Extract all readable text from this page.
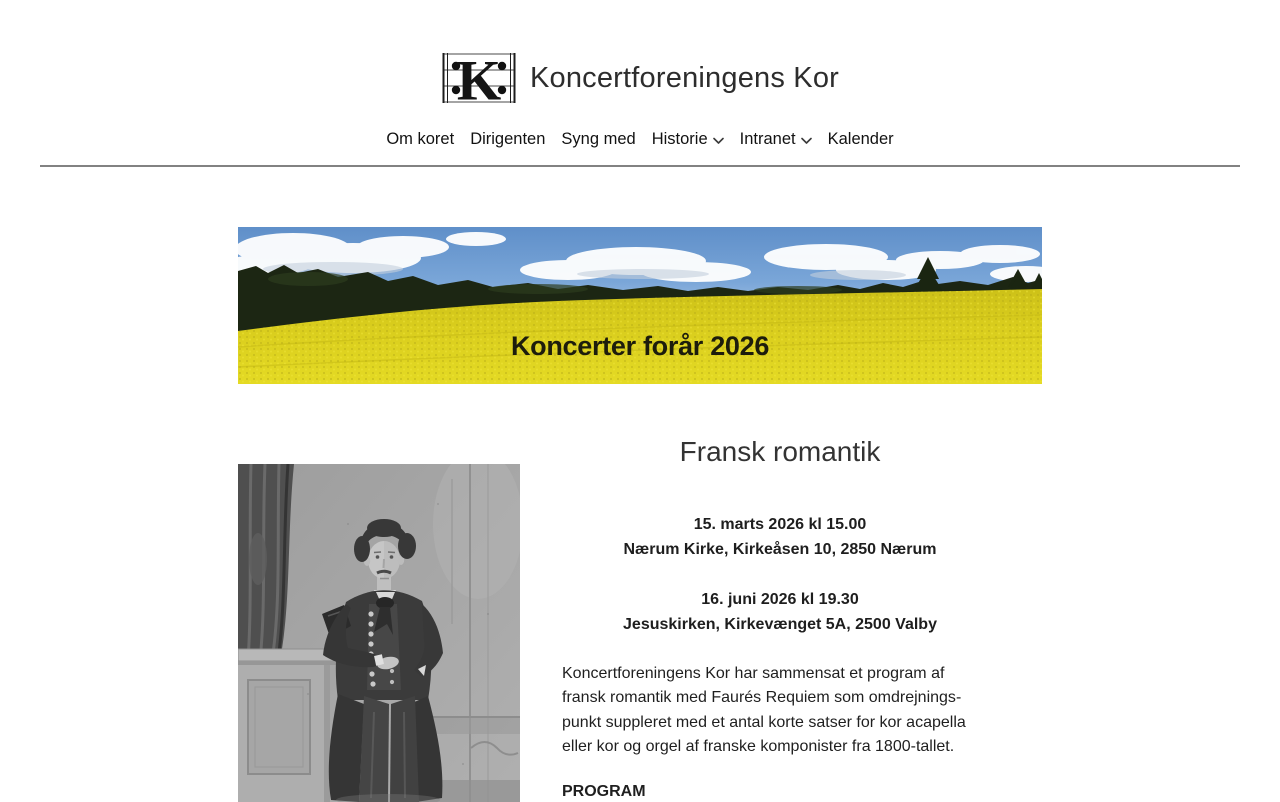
K Koncertforeningens Kor
Om koret Dirigenten Syng med Historie Intranet Kalender
Koncerter forår 2026
Fransk romantik

15. marts 2026 kl 15.00
Nærum Kirke, Kirkeåsen 10, 2850 Nærum

16. juni 2026 kl 19.30
Jesuskirken, Kirkevænget 5A, 2500 Valby

Koncertforeningens Kor har sammensat et program af fransk romantik med Faurés Requiem som omdrejningspunkt suppleret med et antal korte satser for kor acapella eller kor og orgel af franske komponister fra 1800-tallet.

PROGRAM
